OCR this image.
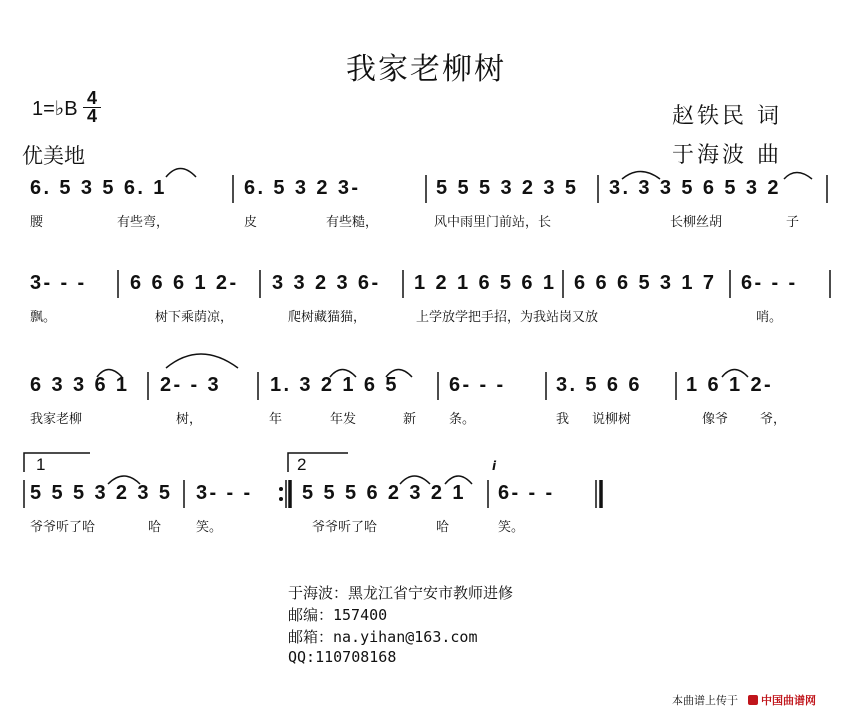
我家老柳树
1=♭B $\frac{4}{4}$
优美地
赵铁民 词
于海波 曲
6. 5 3 5 6. 1	6. 5 3 2 3-	5 5 5 3 2 3 5 3. 3 3 5 6 5 3 2
腰	有些弯，	皮	有些糙，	风中雨里门前站，长	长柳丝胡	子
3- - - 6 6 6 1 2- 3 3 2 3 6- 1 2 1 6 5 6 1 6 6 6 5 3 1 7 6- - -
飘。	树下乘荫凉，	爬树藏猫猫，	上学放学把手招，为我站岗又放	哨。
6 3 3 6 1 2- - 3 1. 3 2 1 6 5	6- - -	3. 5 6 6 1 6 1 2-
我家老柳	树，	年	年发	新	条。	我 说柳树	像爷 爷，
1	2
5 5 5 3 2 3 5 3- - - 5 5 5 6 2 3 2 1 6- - -
i
爷爷听了哈	哈	笑。	爷爷听了哈	哈	笑。
于海波：黑龙江省宁安市教师进修
邮编：157400
邮箱：na.yihan@163.com
QQ:110708168
本曲谱上传于	中国曲谱网
